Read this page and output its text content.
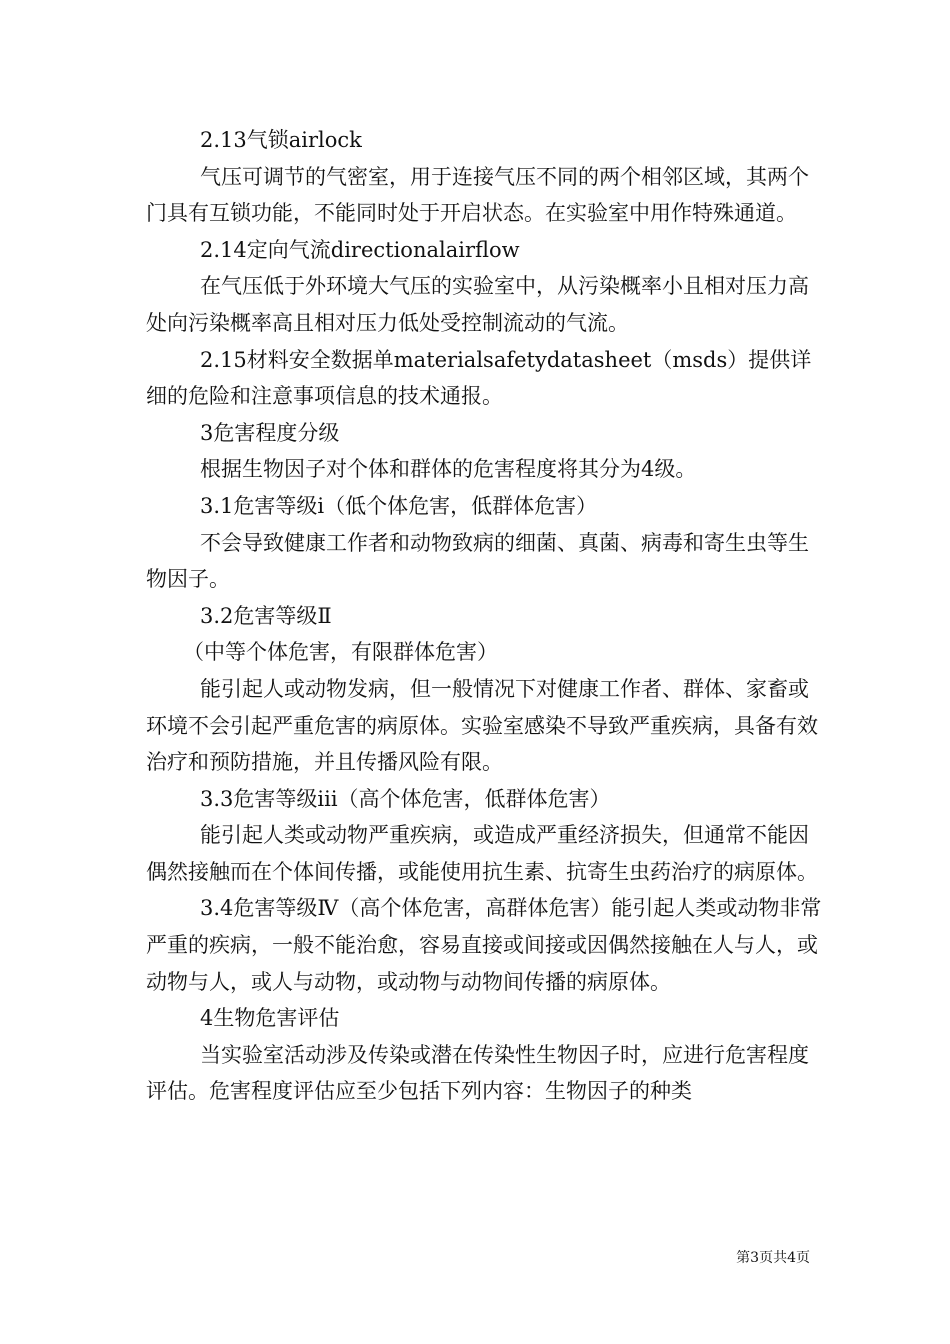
2.13气锁airlock

气压可调节的气密室，用于连接气压不同的两个相邻区域，其两个门具有互锁功能，不能同时处于开启状态。在实验室中用作特殊通道。

2.14定向气流directionalairflow

在气压低于外环境大气压的实验室中，从污染概率小且相对压力高处向污染概率高且相对压力低处受控制流动的气流。

2.15材料安全数据单materialsafetydatasheet（msds）提供详细的危险和注意事项信息的技术通报。

3危害程度分级

根据生物因子对个体和群体的危害程度将其分为4级。

3.1危害等级i（低个体危害，低群体危害）

不会导致健康工作者和动物致病的细菌、真菌、病毒和寄生虫等生物因子。

3.2危害等级Ⅱ

（中等个体危害，有限群体危害）

能引起人或动物发病，但一般情况下对健康工作者、群体、家畜或环境不会引起严重危害的病原体。实验室感染不导致严重疾病，具备有效治疗和预防措施，并且传播风险有限。

3.3危害等级iii（高个体危害，低群体危害）

能引起人类或动物严重疾病，或造成严重经济损失，但通常不能因偶然接触而在个体间传播，或能使用抗生素、抗寄生虫药治疗的病原体。

3.4危害等级Ⅳ（高个体危害，高群体危害）能引起人类或动物非常严重的疾病，一般不能治愈，容易直接或间接或因偶然接触在人与人，或动物与人，或人与动物，或动物与动物间传播的病原体。

4生物危害评估

当实验室活动涉及传染或潜在传染性生物因子时，应进行危害程度评估。危害程度评估应至少包括下列内容：生物因子的种类

第3页共4页
